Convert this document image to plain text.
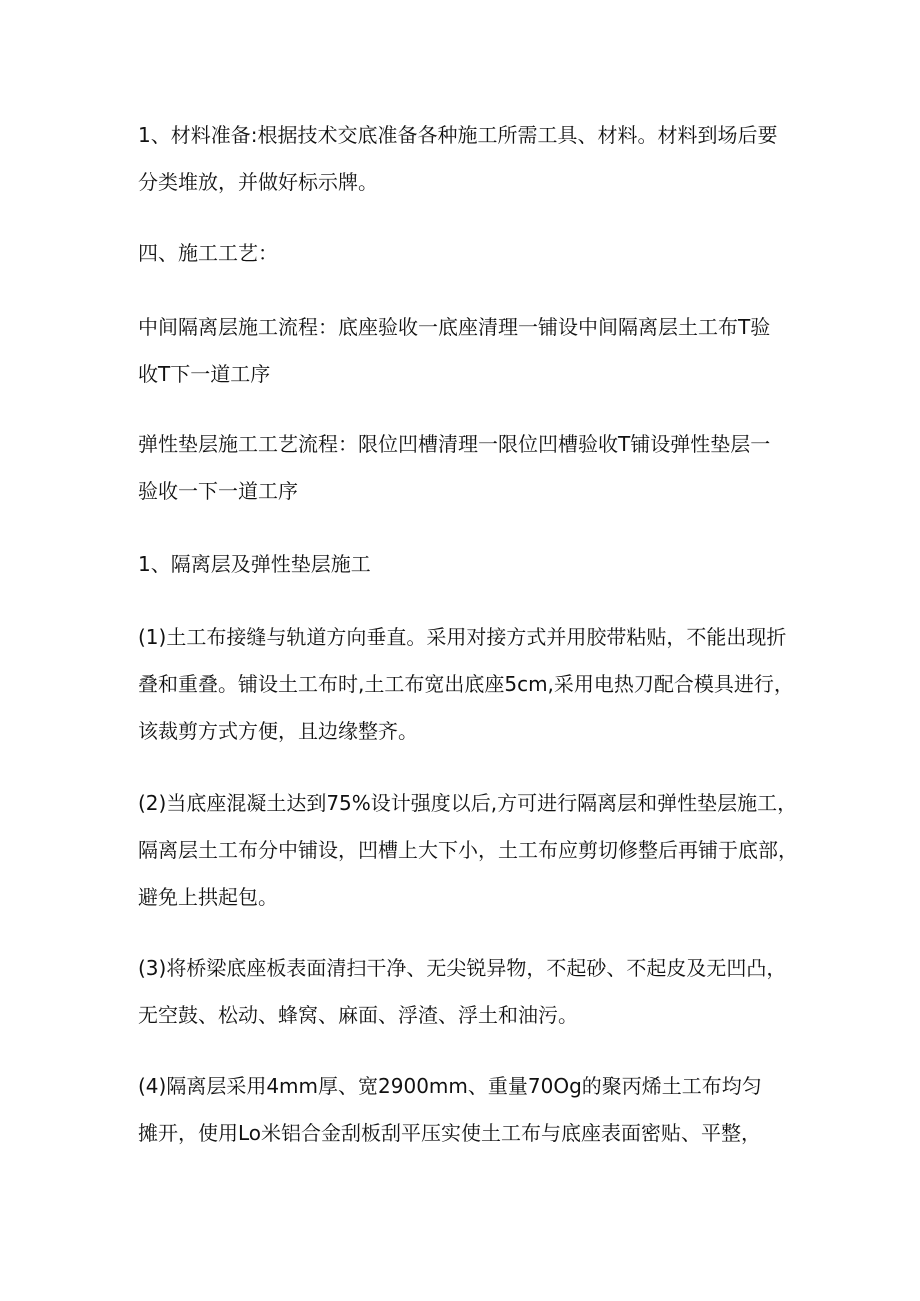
1、材料准备:根据技术交底准备各种施工所需工具、材料。材料到场后要
分类堆放，并做好标示牌。
四、施工工艺：
中间隔离层施工流程：底座验收一底座清理一铺设中间隔离层土工布T验
收T下一道工序
弹性垫层施工工艺流程：限位凹槽清理一限位凹槽验收T铺设弹性垫层一
验收一下一道工序
1、隔离层及弹性垫层施工
(1)土工布接缝与轨道方向垂直。采用对接方式并用胶带粘贴，不能出现折
叠和重叠。铺设土工布时,土工布宽出底座5cm,采用电热刀配合模具进行，
该裁剪方式方便，且边缘整齐。
(2)当底座混凝土达到75%设计强度以后,方可进行隔离层和弹性垫层施工，
隔离层土工布分中铺设，凹槽上大下小，土工布应剪切修整后再铺于底部，
避免上拱起包。
(3)将桥梁底座板表面清扫干净、无尖锐异物，不起砂、不起皮及无凹凸，
无空鼓、松动、蜂窝、麻面、浮渣、浮土和油污。
(4)隔离层采用4mm厚、宽2900mm、重量70Og的聚丙烯土工布均匀
摊开，使用Lo米铝合金刮板刮平压实使土工布与底座表面密贴、平整，
